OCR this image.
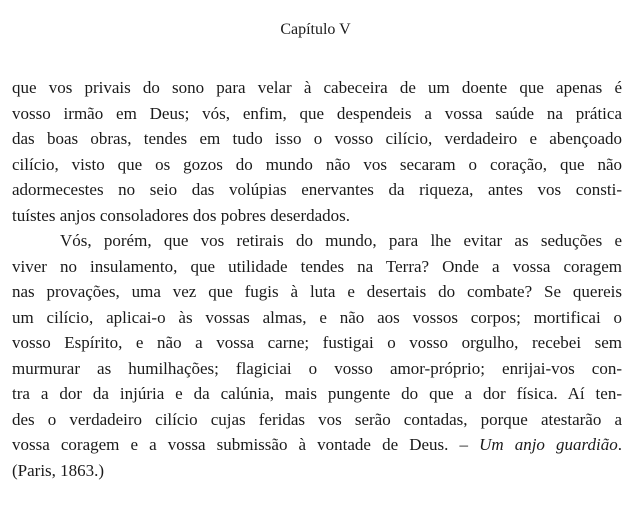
Capítulo V
que vos privais do sono para velar à cabeceira de um doente que apenas é
vosso irmão em Deus; vós, enfim, que despendeis a vossa saúde na prática
das boas obras, tendes em tudo isso o vosso cilício, verdadeiro e abençoado
cilício, visto que os gozos do mundo não vos secaram o coração, que não
adormecestes no seio das volúpias enervantes da riqueza, antes vos consti-
tuístes anjos consoladores dos pobres deserdados.
Vós, porém, que vos retirais do mundo, para lhe evitar as seduções e
viver no insulamento, que utilidade tendes na Terra? Onde a vossa coragem
nas provações, uma vez que fugis à luta e desertais do combate? Se quereis
um cilício, aplicai-o às vossas almas, e não aos vossos corpos; mortificai o
vosso Espírito, e não a vossa carne; fustigai o vosso orgulho, recebei sem
murmurar as humilhações; flagiciai o vosso amor-próprio; enrijai-vos con-
tra a dor da injúria e da calúnia, mais pungente do que a dor física. Aí ten-
des o verdadeiro cilício cujas feridas vos serão contadas, porque atestarão a
vossa coragem e a vossa submissão à vontade de Deus. – Um anjo guardião.
(Paris, 1863.)
